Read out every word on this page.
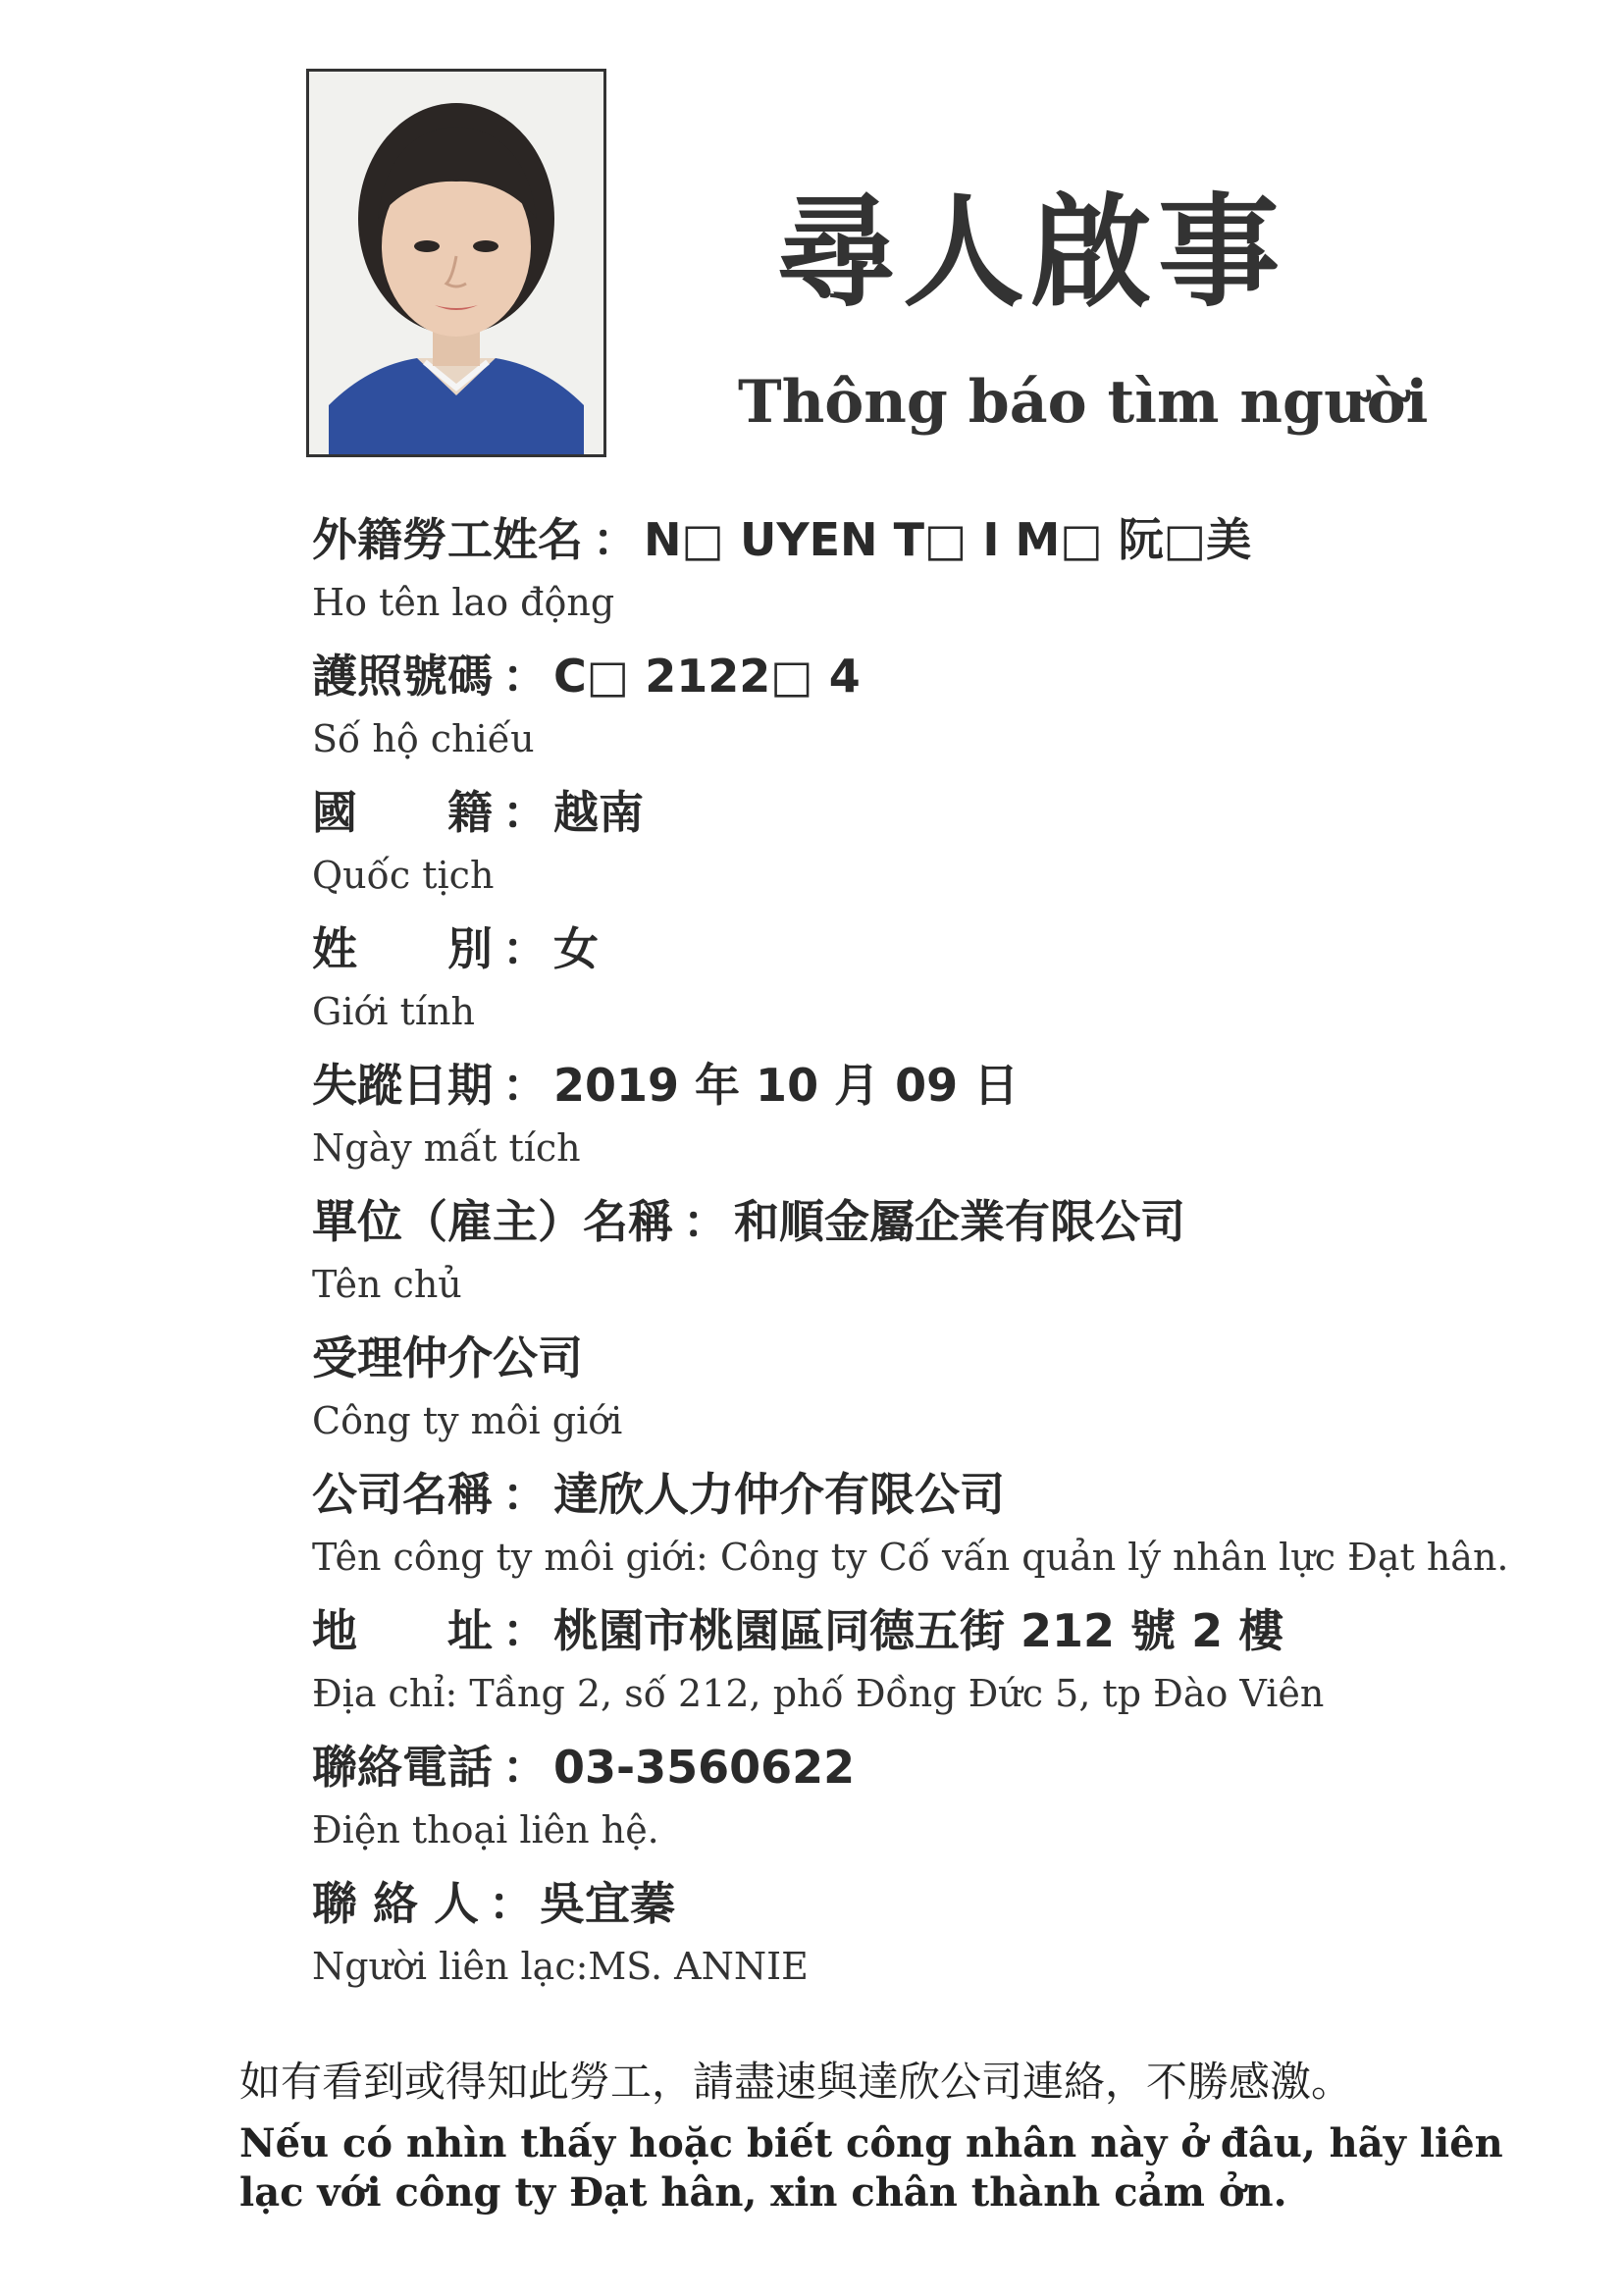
尋人啟事
Thông báo tìm người
外籍勞工姓名 ： N□ UYEN T□ I M□ 阮□美
Ho tên lao động
護照號碼 ： C□ 2122□ 4
Số hộ chiếu
國　　籍 ： 越南
Quốc tịch
姓　　別 ： 女
Giới tính
失蹤日期 ： 2019 年 10 月 09 日
Ngày mất tích
單位（雇主）名稱 ： 和順金屬企業有限公司
Tên chủ
受理仲介公司
Công ty môi giới
公司名稱 ： 達欣人力仲介有限公司
Tên công ty môi giới: Công ty Cố vấn quản lý nhân lực Đạt hân.
地　　址 ： 桃園市桃園區同德五街 212 號 2 樓
Địa chỉ: Tầng 2, số 212, phố Đồng Đức 5, tp Đào Viên
聯絡電話 ： 03-3560622
Điện thoại liên hệ.
聯 絡 人 ： 吳宜蓁
Người liên lạc:MS. ANNIE
如有看到或得知此勞工，請盡速與達欣公司連絡，不勝感激。
Nếu có nhìn thấy hoặc biết công nhân này ở đâu, hãy liên lạc với công ty Đạt hân, xin chân thành cảm ởn.
